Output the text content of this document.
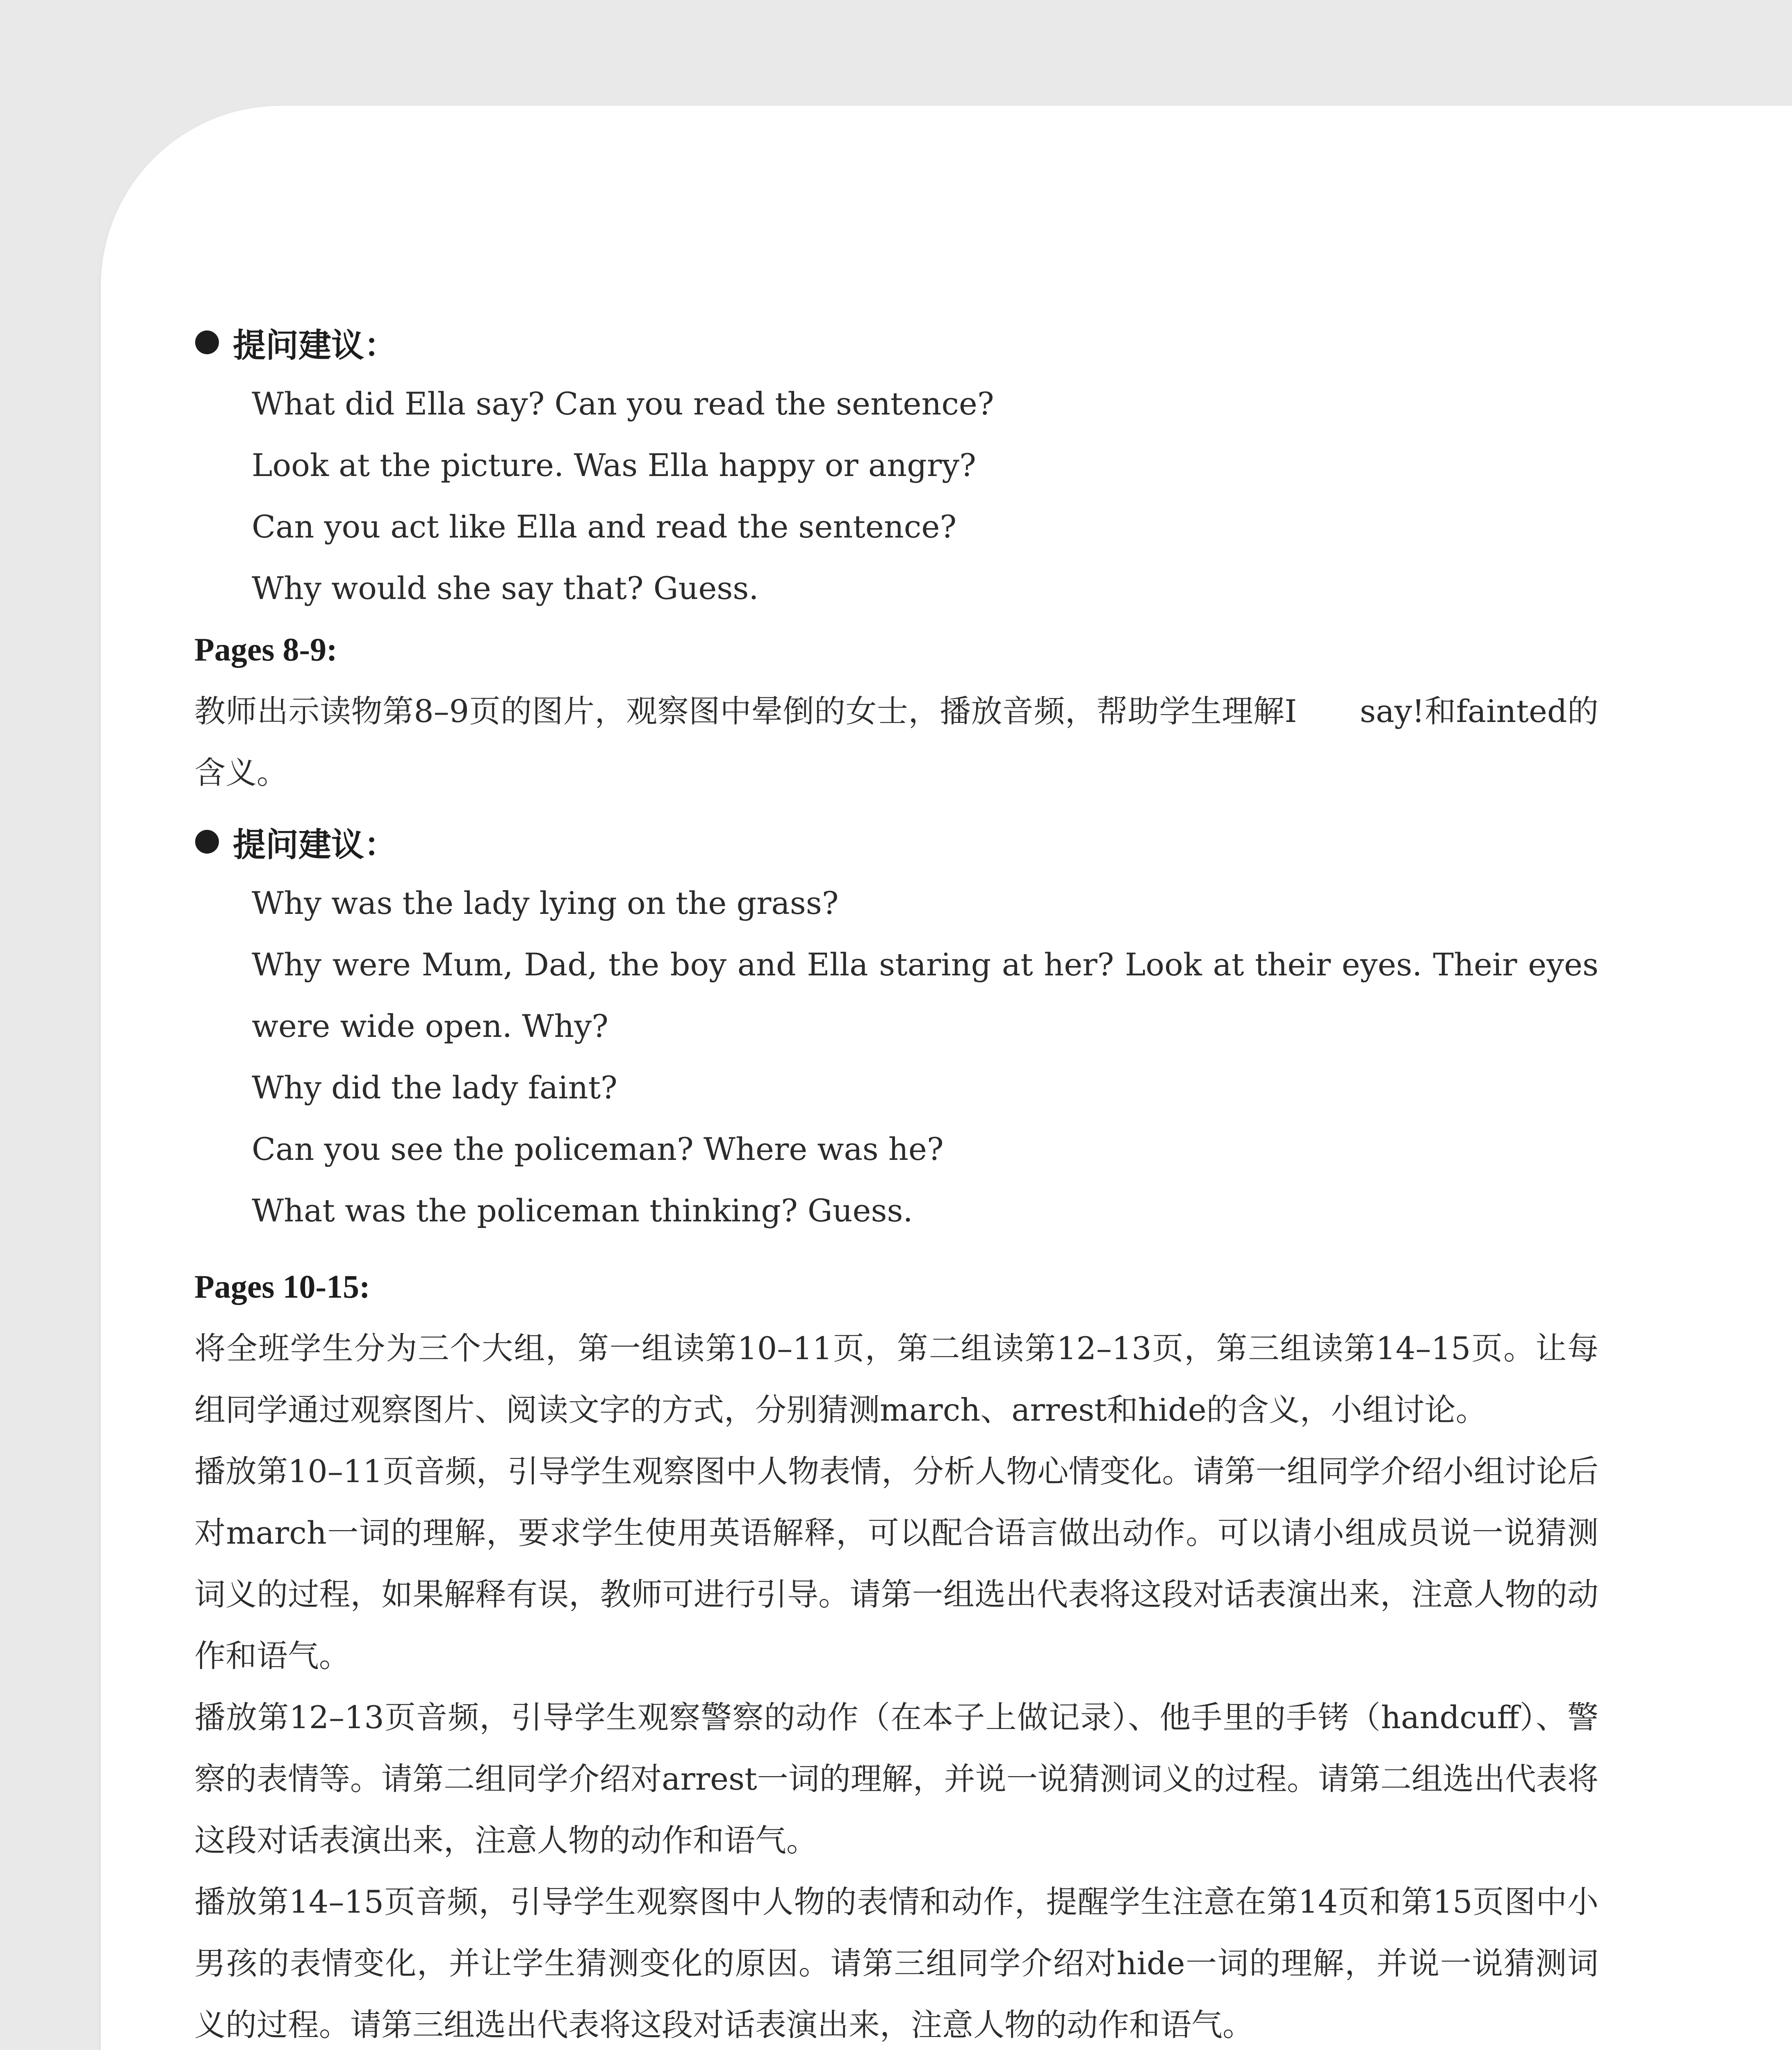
提问建议：
What did Ella say? Can you read the sentence?
Look at the picture. Was Ella happy or angry?
Can you act like Ella and read the sentence?
Why would she say that? Guess.
Pages 8-9:
教师出示读物第8–9页的图片，观察图中晕倒的女士，播放音频，帮助学生理解I　　say!和fainted的含义。
提问建议：
Why was the lady lying on the grass?
Why were Mum, Dad, the boy and Ella staring at her? Look at their eyes. Their eyes were wide open. Why?
Why did the lady faint?
Can you see the policeman? Where was he?
What was the policeman thinking? Guess.
Pages 10-15:
将全班学生分为三个大组，第一组读第10–11页，第二组读第12–13页，第三组读第14–15页。让每组同学通过观察图片、阅读文字的方式，分别猜测march、arrest和hide的含义，小组讨论。
播放第10–11页音频，引导学生观察图中人物表情，分析人物心情变化。请第一组同学介绍小组讨论后对march一词的理解，要求学生使用英语解释，可以配合语言做出动作。可以请小组成员说一说猜测词义的过程，如果解释有误，教师可进行引导。请第一组选出代表将这段对话表演出来，注意人物的动作和语气。
播放第12–13页音频，引导学生观察警察的动作（在本子上做记录）、他手里的手铐（handcuff）、警察的表情等。请第二组同学介绍对arrest一词的理解，并说一说猜测词义的过程。请第二组选出代表将这段对话表演出来，注意人物的动作和语气。
播放第14–15页音频，引导学生观察图中人物的表情和动作，提醒学生注意在第14页和第15页图中小男孩的表情变化，并让学生猜测变化的原因。请第三组同学介绍对hide一词的理解，并说一说猜测词义的过程。请第三组选出代表将这段对话表演出来，注意人物的动作和语气。
